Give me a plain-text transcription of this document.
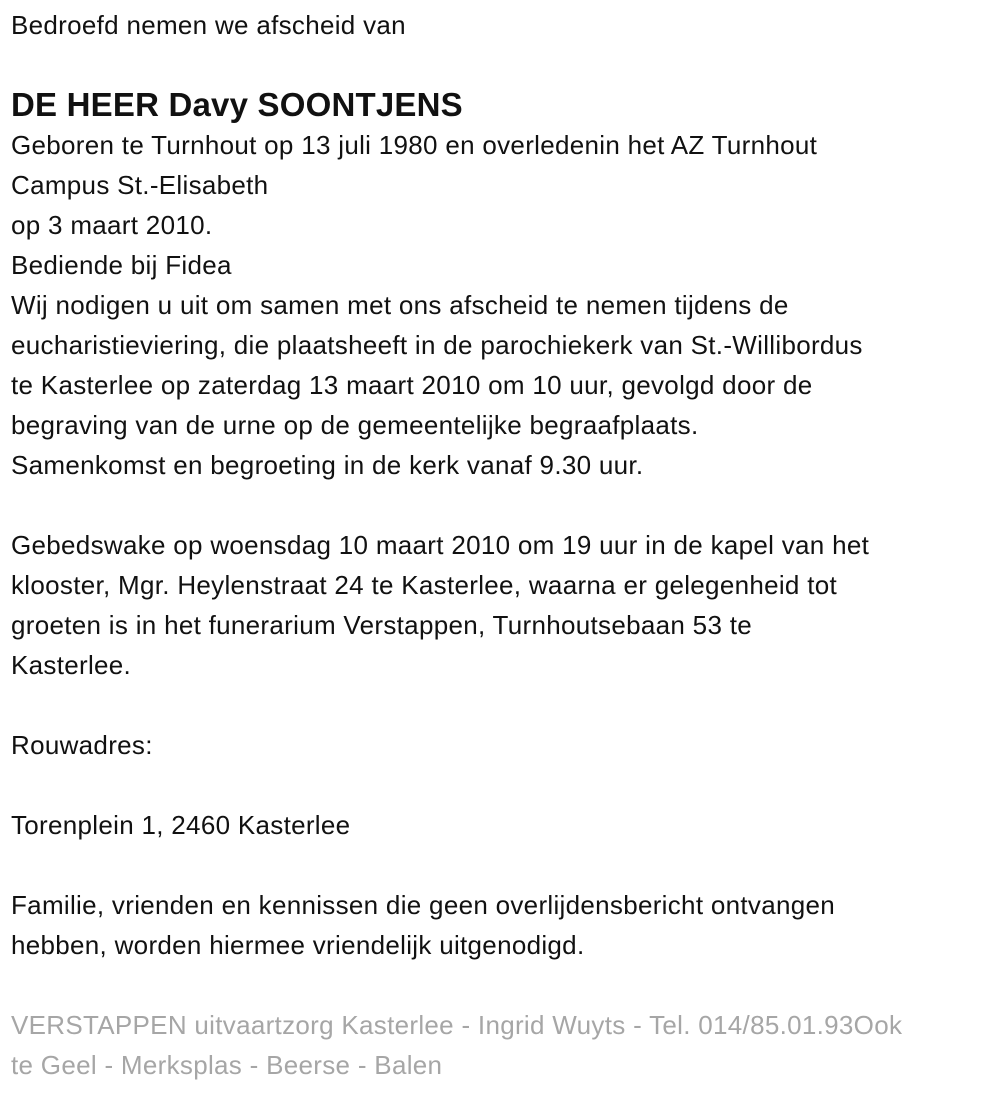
Bedroefd nemen we afscheid van
DE HEER Davy SOONTJENS
Geboren te Turnhout op 13 juli 1980 en overledenin het AZ Turnhout
Campus St.-Elisabeth
op 3 maart 2010.
Bediende bij Fidea
Wij nodigen u uit om samen met ons afscheid te nemen tijdens de
eucharistieviering, die plaatsheeft in de parochiekerk van St.-Willibordus
te Kasterlee op zaterdag 13 maart 2010 om 10 uur, gevolgd door de
begraving van de urne op de gemeentelijke begraafplaats.
Samenkomst en begroeting in de kerk vanaf 9.30 uur.
Gebedswake op woensdag 10 maart 2010 om 19 uur in de kapel van het
klooster, Mgr. Heylenstraat 24 te Kasterlee, waarna er gelegenheid tot
groeten is in het funerarium Verstappen, Turnhoutsebaan 53 te
Kasterlee.
Rouwadres:
Torenplein 1, 2460 Kasterlee
Familie, vrienden en kennissen die geen overlijdensbericht ontvangen
hebben, worden hiermee vriendelijk uitgenodigd.
VERSTAPPEN uitvaartzorg Kasterlee - Ingrid Wuyts - Tel. 014/85.01.93Ook
te Geel - Merksplas - Beerse - Balen
